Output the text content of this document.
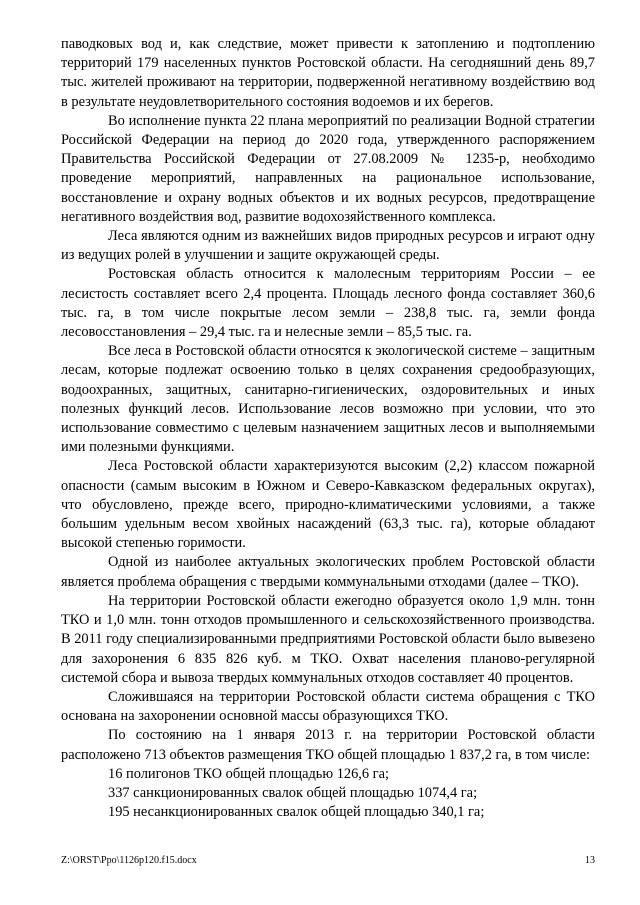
паводковых вод и, как следствие, может привести к затоплению и подтоплению территорий 179 населенных пунктов Ростовской области. На сегодняшний день 89,7 тыс. жителей проживают на территории, подверженной негативному воздействию вод в результате неудовлетворительного состояния водоемов и их берегов.

Во исполнение пункта 22 плана мероприятий по реализации Водной стратегии Российской Федерации на период до 2020 года, утвержденного распоряжением Правительства Российской Федерации от 27.08.2009 № 1235-р, необходимо проведение мероприятий, направленных на рациональное использование, восстановление и охрану водных объектов и их водных ресурсов, предотвращение негативного воздействия вод, развитие водохозяйственного комплекса.

Леса являются одним из важнейших видов природных ресурсов и играют одну из ведущих ролей в улучшении и защите окружающей среды.

Ростовская область относится к малолесным территориям России – ее лесистость составляет всего 2,4 процента. Площадь лесного фонда составляет 360,6 тыс. га, в том числе покрытые лесом земли – 238,8 тыс. га, земли фонда лесовосстановления – 29,4 тыс. га и нелесные земли – 85,5 тыс. га.

Все леса в Ростовской области относятся к экологической системе – защитным лесам, которые подлежат освоению только в целях сохранения средообразующих, водоохранных, защитных, санитарно-гигиенических, оздоровительных и иных полезных функций лесов. Использование лесов возможно при условии, что это использование совместимо с целевым назначением защитных лесов и выполняемыми ими полезными функциями.

Леса Ростовской области характеризуются высоким (2,2) классом пожарной опасности (самым высоким в Южном и Северо-Кавказском федеральных округах), что обусловлено, прежде всего, природно-климатическими условиями, а также большим удельным весом хвойных насаждений (63,3 тыс. га), которые обладают высокой степенью горимости.

Одной из наиболее актуальных экологических проблем Ростовской области является проблема обращения с твердыми коммунальными отходами (далее – ТКО).

На территории Ростовской области ежегодно образуется около 1,9 млн. тонн ТКО и 1,0 млн. тонн отходов промышленного и сельскохозяйственного производства. В 2011 году специализированными предприятиями Ростовской области было вывезено для захоронения 6 835 826 куб. м ТКО. Охват населения планово-регулярной системой сбора и вывоза твердых коммунальных отходов составляет 40 процентов.

Сложившаяся на территории Ростовской области система обращения с ТКО основана на захоронении основной массы образующихся ТКО.

По состоянию на 1 января 2013 г. на территории Ростовской области расположено 713 объектов размещения ТКО общей площадью 1 837,2 га, в том числе:

16 полигонов ТКО общей площадью 126,6 га;

337 санкционированных свалок общей площадью 1074,4 га;

195 несанкционированных свалок общей площадью 340,1 га;

Z:\ORST\Ppo\1126p120.f15.docx	13
